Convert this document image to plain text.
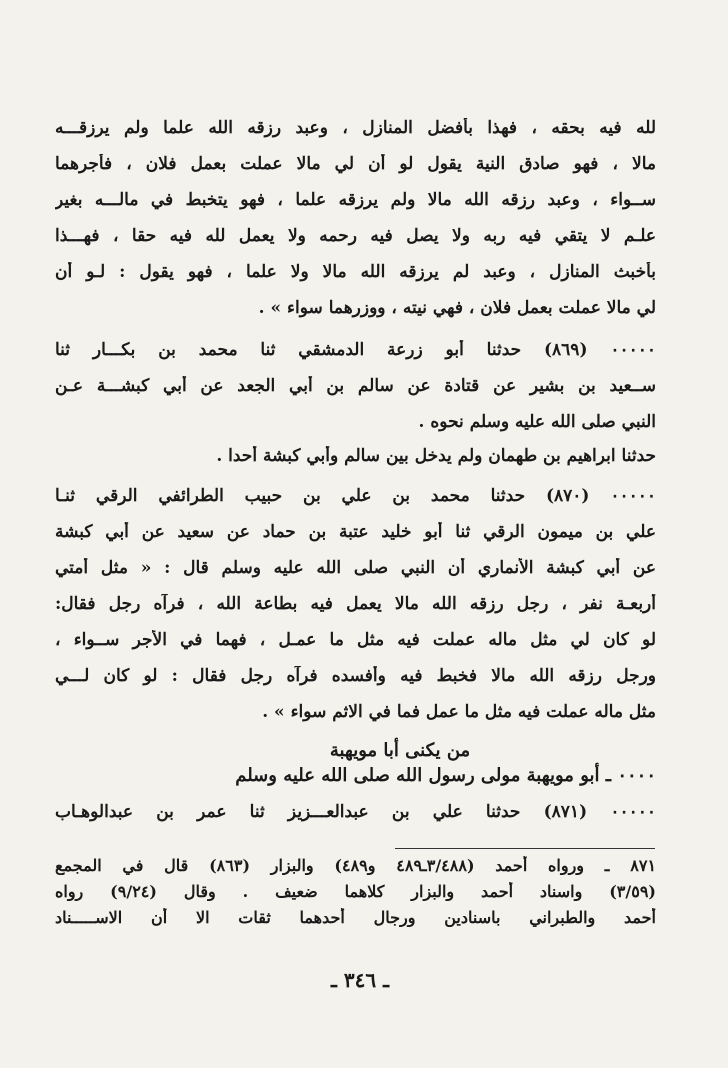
لله فيه بحقه ، فهذا بأفضل المنازل ، وعبد رزقه الله علما ولم يرزقـــه
مالا ، فهو صادق النية يقول لو أن لي مالا عملت بعمل فلان ، فأجرهما
ســواء ، وعبد رزقه الله مالا ولم يرزقه علما ، فهو يتخبط في مالـــه بغير
علـم لا يتقي فيه ربه ولا يصل فيه رحمه ولا يعمل لله فيه حقا ، فهـــذا
بأخبث المنازل ، وعبد لم يرزقه الله مالا ولا علما ، فهو يقول : لـو أن
لي مالا عملت بعمل فلان ، فهي نيته ، ووزرهما سواء » .
٠٠٠٠٠ (٨٦٩) حدثنا أبو زرعة الدمشقي ثنا محمد بن بكـــار ثنا
ســعيد بن بشير عن قتادة عن سالم بن أبي الجعد عن أبي كبشـــة عـن
النبي صلى الله عليه وسلم نحوه .
حدثنا ابراهيم بن طهمان ولم يدخل بين سالم وأبي كبشة أحدا .
٠٠٠٠٠ (٨٧٠) حدثنا محمد بن علي بن حبيب الطرائفي الرقي ثنـا
علي بن ميمون الرقي ثنا أبو خليد عتبة بن حماد عن سعيد عن أبي كبشة
عن أبي كبشة الأنماري أن النبي صلى الله عليه وسلم قال : « مثل أمتي
أربعـة نفر ، رجل رزقه الله مالا يعمل فيه بطاعة الله ، فرآه رجل فقال:
لو كان لي مثل ماله عملت فيه مثل ما عمـل ، فهما في الأجر ســواء ،
ورجل رزقه الله مالا فخبط فيه وأفسده فرآه رجل فقال : لو كان لـــي
مثل ماله عملت فيه مثل ما عمل فما في الاثم سواء » .
من يكنى أبا مويهبة
٠٠٠٠ ـ أبو مويهبة مولى رسول الله صلى الله عليه وسلم
٠٠٠٠٠ (٨٧١) حدثنا علي بن عبدالعـــزيز ثنا عمر بن عبدالوهـاب
٨٧١ ـ ورواه أحمد (٣/٤٨٨ـ٤٨٩ و٤٨٩) والبزار (٨٦٣) قال في المجمع
(٣/٥٩) واسناد أحمد والبزار كلاهما ضعيف . وقال (٩/٢٤) رواه
أحمد والطبراني باسنادين ورجال أحدهما ثقات الا أن الاســـــناد
ـ ٣٤٦ ـ
